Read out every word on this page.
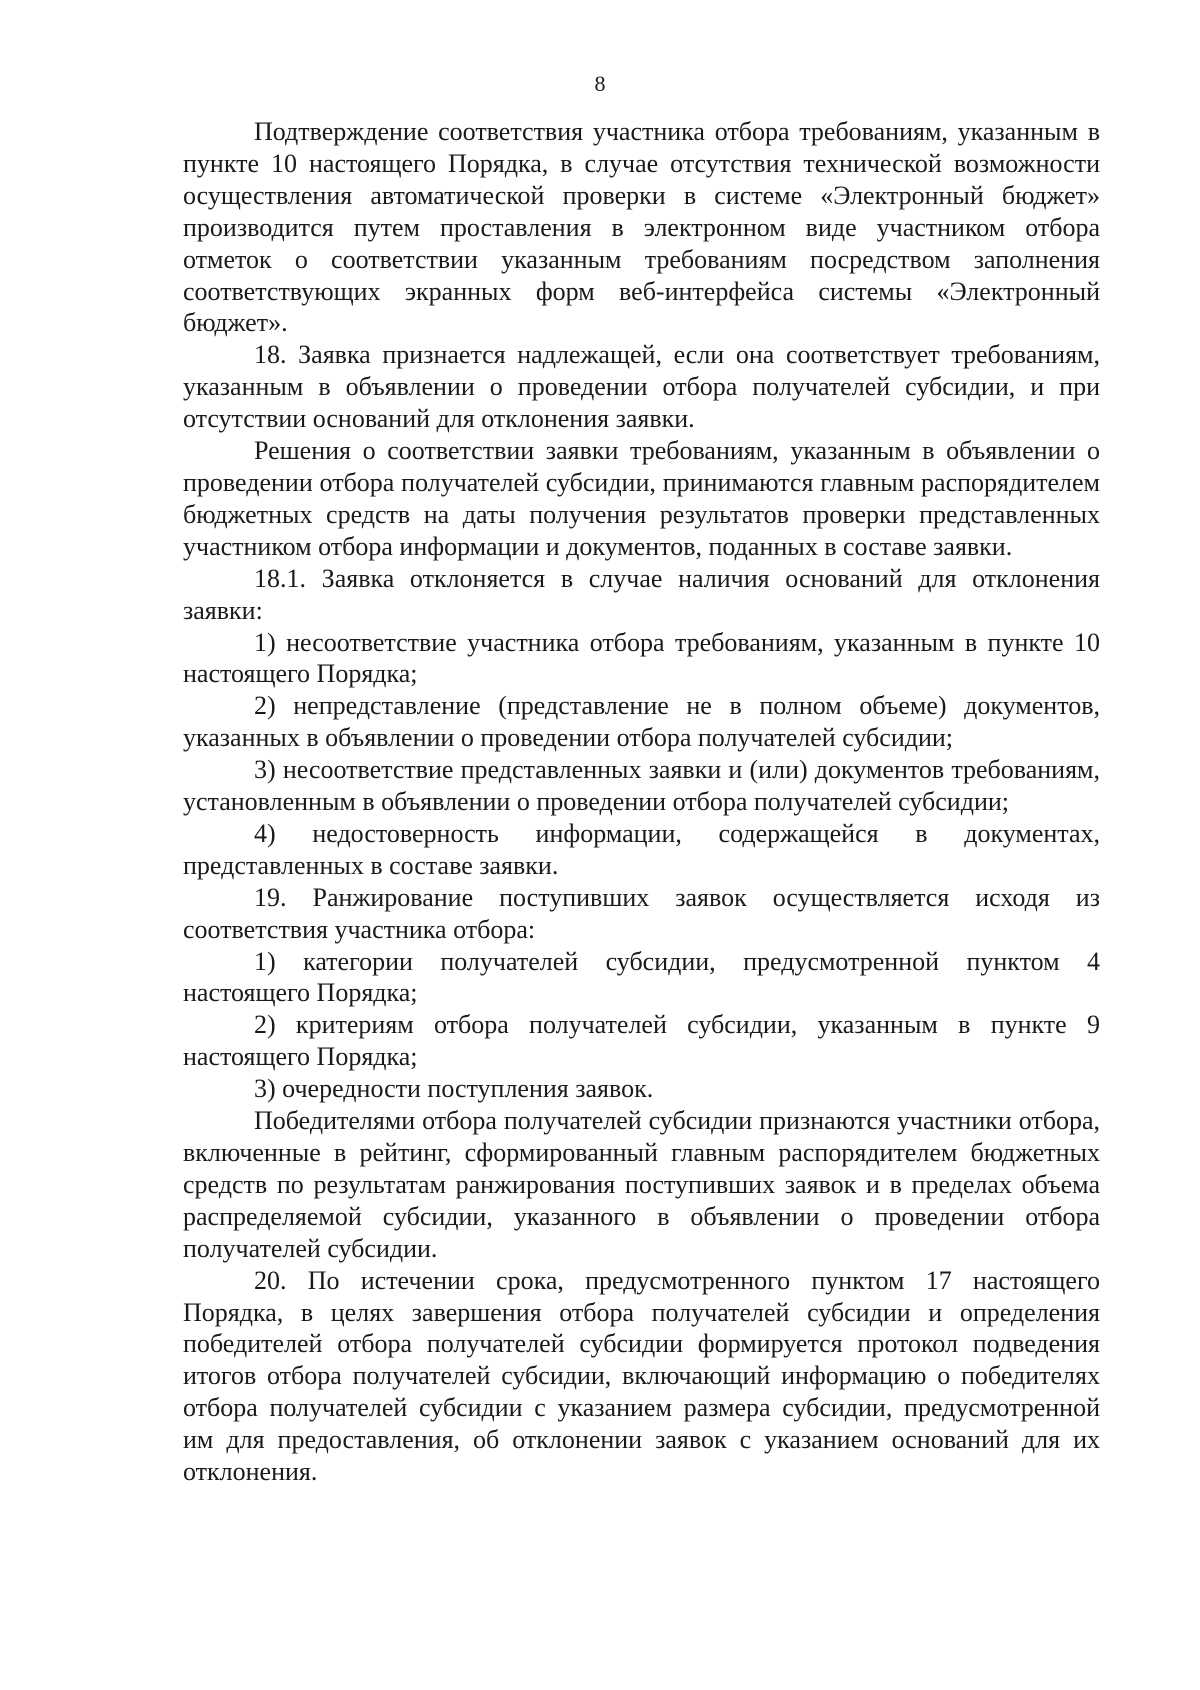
8

Подтверждение соответствия участника отбора требованиям, указанным в пункте 10 настоящего Порядка, в случае отсутствия технической возможности осуществления автоматической проверки в системе «Электронный бюджет» производится путем проставления в электронном виде участником отбора отметок о соответствии указанным требованиям посредством заполнения соответствующих экранных форм веб-интерфейса системы «Электронный бюджет».

18. Заявка признается надлежащей, если она соответствует требованиям, указанным в объявлении о проведении отбора получателей субсидии, и при отсутствии оснований для отклонения заявки.

Решения о соответствии заявки требованиям, указанным в объявлении о проведении отбора получателей субсидии, принимаются главным распорядителем бюджетных средств на даты получения результатов проверки представленных участником отбора информации и документов, поданных в составе заявки.

18.1. Заявка отклоняется в случае наличия оснований для отклонения заявки:

1) несоответствие участника отбора требованиям, указанным в пункте 10 настоящего Порядка;

2) непредставление (представление не в полном объеме) документов, указанных в объявлении о проведении отбора получателей субсидии;

3) несоответствие представленных заявки и (или) документов требованиям, установленным в объявлении о проведении отбора получателей субсидии;

4) недостоверность информации, содержащейся в документах, представленных в составе заявки.

19. Ранжирование поступивших заявок осуществляется исходя из соответствия участника отбора:

1) категории получателей субсидии, предусмотренной пунктом 4 настоящего Порядка;

2) критериям отбора получателей субсидии, указанным в пункте 9 настоящего Порядка;

3) очередности поступления заявок.

Победителями отбора получателей субсидии признаются участники отбора, включенные в рейтинг, сформированный главным распорядителем бюджетных средств по результатам ранжирования поступивших заявок и в пределах объема распределяемой субсидии, указанного в объявлении о проведении отбора получателей субсидии.

20. По истечении срока, предусмотренного пунктом 17 настоящего Порядка, в целях завершения отбора получателей субсидии и определения победителей отбора получателей субсидии формируется протокол подведения итогов отбора получателей субсидии, включающий информацию о победителях отбора получателей субсидии с указанием размера субсидии, предусмотренной им для предоставления, об отклонении заявок с указанием оснований для их отклонения.
